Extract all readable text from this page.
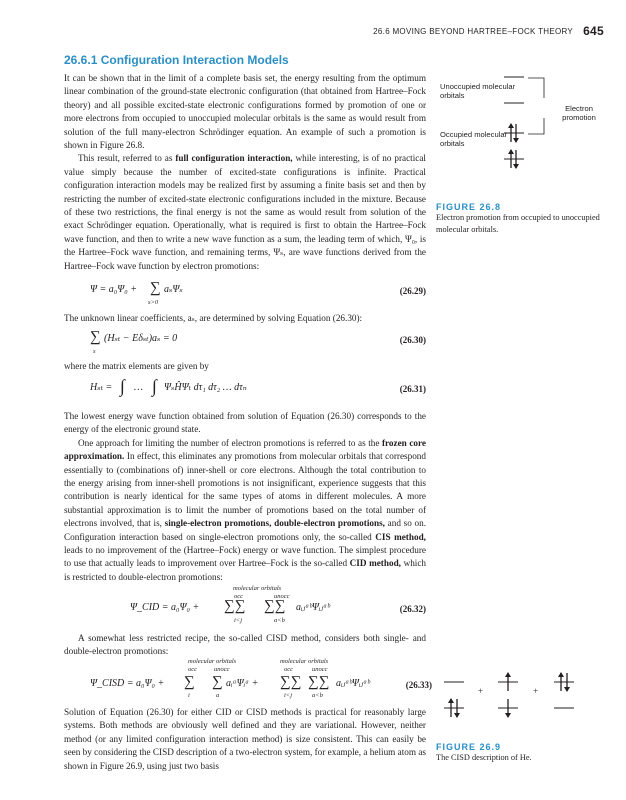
26.6 MOVING BEYOND HARTREE–FOCK THEORY 645
26.6.1 Configuration Interaction Models

It can be shown that in the limit of a complete basis set, the energy resulting from the optimum linear combination of the ground-state electronic configuration (that obtained from Hartree–Fock theory) and all possible excited-state electronic configurations formed by promotion of one or more electrons from occupied to unoccupied molecular orbitals is the same as would result from solution of the full many-electron Schrödinger equation. An example of such a promotion is shown in Figure 26.8.

This result, referred to as full configuration interaction, while interesting, is of no practical value simply because the number of excited-state configurations is infinite. Practical configuration interaction models may be realized first by assuming a finite basis set and then by restricting the number of excited-state electronic configurations included in the mixture. Because of these two restrictions, the final energy is not the same as would result from solution of the exact Schrödinger equation. Operationally, what is required is first to obtain the Hartree–Fock wave function, and then to write a new wave function as a sum, the leading term of which, Ψ₀, is the Hartree–Fock wave function, and remaining terms, Ψₛ, are wave functions derived from the Hartree–Fock wave function by electron promotions:

Ψ = a₀Ψ₀ + ∑
s>0
aₛΨₛ	(26.29)
The unknown linear coefficients, aₛ, are determined by solving Equation (26.30):
∑
s
(Hₛₜ − Eδₛₜ)aₛ = 0	(26.30)
where the matrix elements are given by
Hₛₜ = ∫ … ∫ ΨₛĤΨₜ dτ₁ dτ₂ … dτₙ	(26.31)

The lowest energy wave function obtained from solution of Equation (26.30) corresponds to the energy of the electronic ground state.

One approach for limiting the number of electron promotions is referred to as the frozen core approximation. In effect, this eliminates any promotions from molecular orbitals that correspond essentially to (combinations of) inner-shell or core electrons. Although the total contribution to the energy arising from inner-shell promotions is not insignificant, experience suggests that this contribution is nearly identical for the same types of atoms in different molecules. A more substantial approximation is to limit the number of promotions based on the total number of electrons involved, that is, single-electron promotions, double-electron promotions, and so on. Configuration interaction based on single-electron promotions only, the so-called CIS method, leads to no improvement of the (Hartree–Fock) energy or wave function. The simplest procedure to use that actually leads to improvement over Hartree–Fock is the so-called CID method, which is restricted to double-electron promotions:

molecular orbitals
occ	unocc
Ψ_CID = a₀Ψ₀ + ∑∑ ∑∑
i<j	a<b
aᵢⱼᵃᵇΨᵢⱼᵃᵇ	(26.32)

A somewhat less restricted recipe, the so-called CISD method, considers both single- and double-electron promotions:

molecular orbitals	molecular orbitals
occ	unocc	occ	unocc
Ψ_CISD = a₀Ψ₀ + ∑ ∑
i	a
aᵢᵃΨᵢᵃ + ∑∑ ∑∑
i<j	a<b
aᵢⱼᵃᵇΨᵢⱼᵃᵇ	(26.33)
Solution of Equation (26.30) for either CID or CISD methods is practical for reasonably large systems. Both methods are obviously well defined and they are variational. However, neither method (or any limited configuration interaction method) is size consistent. This can easily be seen by considering the CISD description of a two-electron system, for example, a helium atom as shown in Figure 26.9, using just two basis
Unoccupied molecular orbitals
Occupied molecular orbitals
Electron promotion
FIGURE 26.8
Electron promotion from occupied to unoccupied molecular orbitals.
+	+
FIGURE 26.9
The CISD description of He.
